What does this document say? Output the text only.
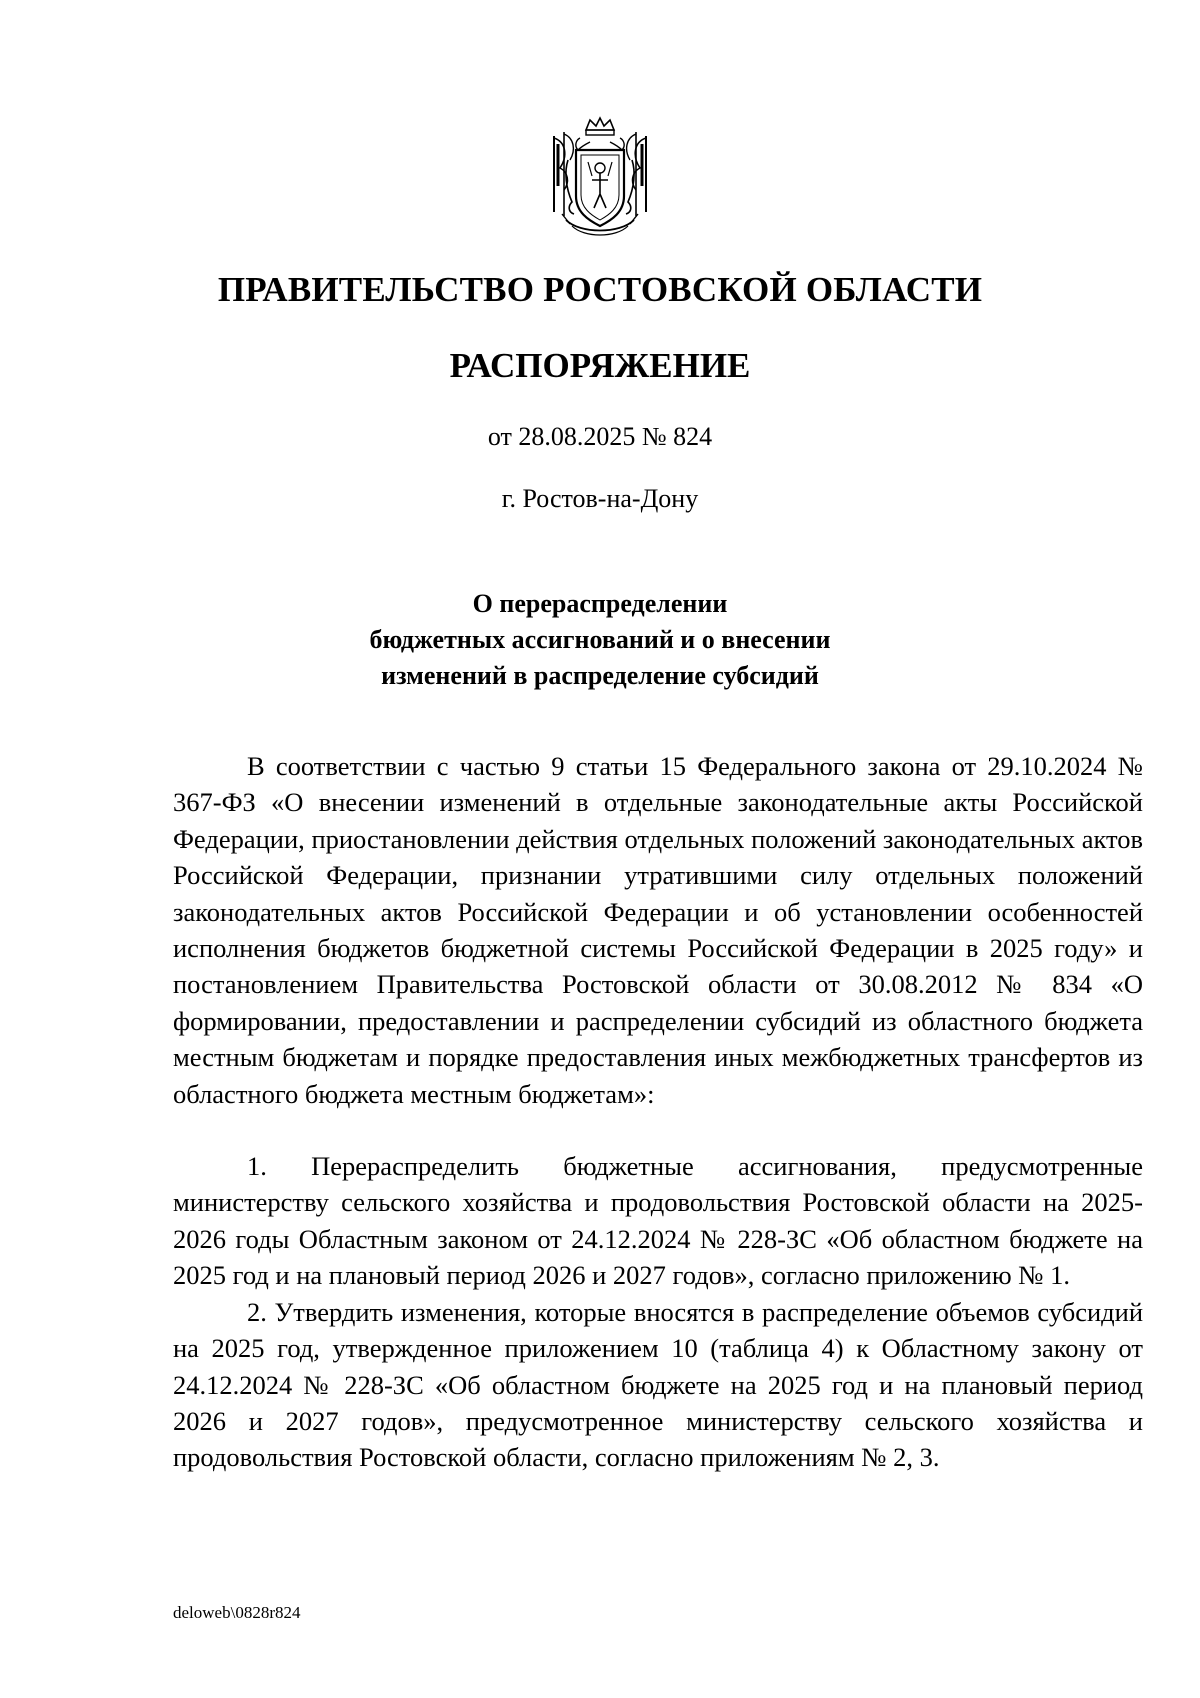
ПРАВИТЕЛЬСТВО РОСТОВСКОЙ ОБЛАСТИ
РАСПОРЯЖЕНИЕ
от 28.08.2025 № 824
г. Ростов-на-Дону
О перераспределении
бюджетных ассигнований и о внесении
изменений в распределение субсидий

В соответствии с частью 9 статьи 15 Федерального закона от 29.10.2024 № 367-ФЗ «О внесении изменений в отдельные законодательные акты Российской Федерации, приостановлении действия отдельных положений законодательных актов Российской Федерации, признании утратившими силу отдельных положений законодательных актов Российской Федерации и об установлении особенностей исполнения бюджетов бюджетной системы Российской Федерации в 2025 году» и постановлением Правительства Ростовской области от 30.08.2012 № 834 «О формировании, предоставлении и распределении субсидий из областного бюджета местным бюджетам и порядке предоставления иных межбюджетных трансфертов из областного бюджета местным бюджетам»:

1. Перераспределить бюджетные ассигнования, предусмотренные министерству сельского хозяйства и продовольствия Ростовской области на 2025-2026 годы Областным законом от 24.12.2024 № 228-ЗС «Об областном бюджете на 2025 год и на плановый период 2026 и 2027 годов», согласно приложению № 1.

2. Утвердить изменения, которые вносятся в распределение объемов субсидий на 2025 год, утвержденное приложением 10 (таблица 4) к Областному закону от 24.12.2024 № 228-ЗС «Об областном бюджете на 2025 год и на плановый период 2026 и 2027 годов», предусмотренное министерству сельского хозяйства и продовольствия Ростовской области, согласно приложениям № 2, 3.

deloweb\0828r824
